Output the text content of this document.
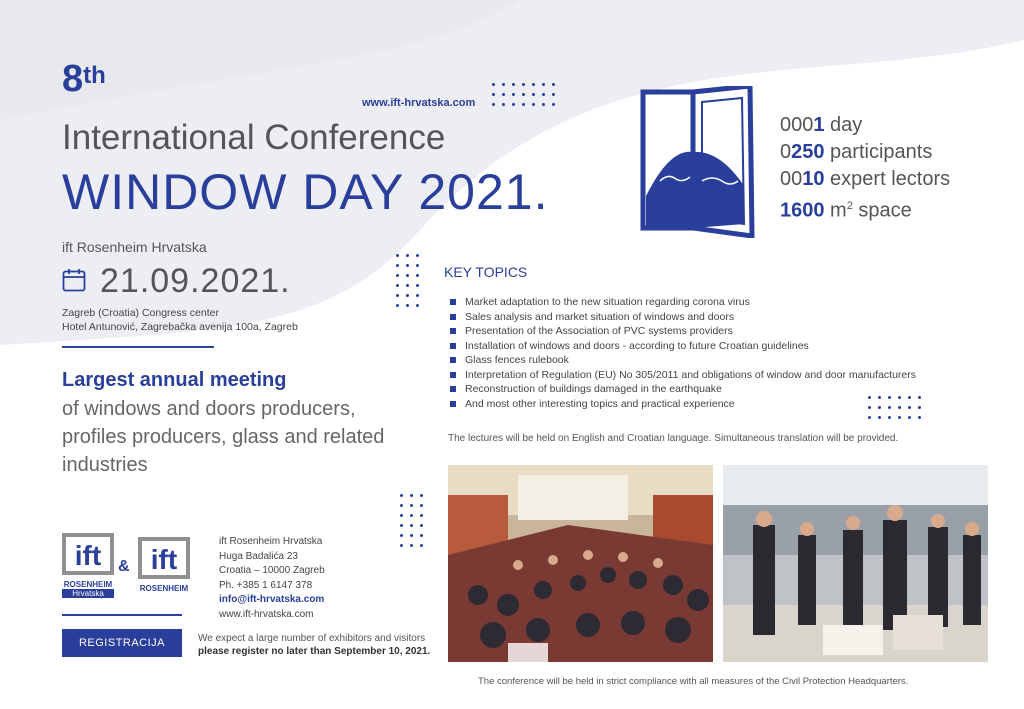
8th
www.ift-hrvatska.com
International Conference
WINDOW DAY 2021.
0001 day
0250 participants
0010 expert lectors
1600 $m^2$ space
ift Rosenheim Hrvatska
21.09.2021.
Zagreb (Croatia) Congress center
Hotel Antunović, Zagrebačka avenija 100a, Zagreb
Largest annual meeting
of windows and doors producers, profiles producers, glass and related industries
KEY TOPICS
Market adaptation to the new situation regarding corona virus
Sales analysis and market situation of windows and doors
Presentation of the Association of PVC systems providers
Installation of windows and doors - according to future Croatian guidelines
Glass fences rulebook
Interpretation of Regulation (EU) No 305/2011 and obligations of window and door manufacturers
Reconstruction of buildings damaged in the earthquake
And most other interesting topics and practical experience
The lectures will be held on English and Croatian language. Simultaneous translation will be provided.
ift
ROSENHEIM
Hrvatska
& ift
ROSENHEIM
ift Rosenheim Hrvatska
Huga Badalića 23
Croatia – 10000 Zagreb
Ph. +385 1 6147 378
info@ift-hrvatska.com
www.ift-hrvatska.com
REGISTRACIJA	We expect a large number of exhibitors and visitors
please register no later than September 10, 2021.
The conference will be held in strict compliance with all measures of the Civil Protection Headquarters.
